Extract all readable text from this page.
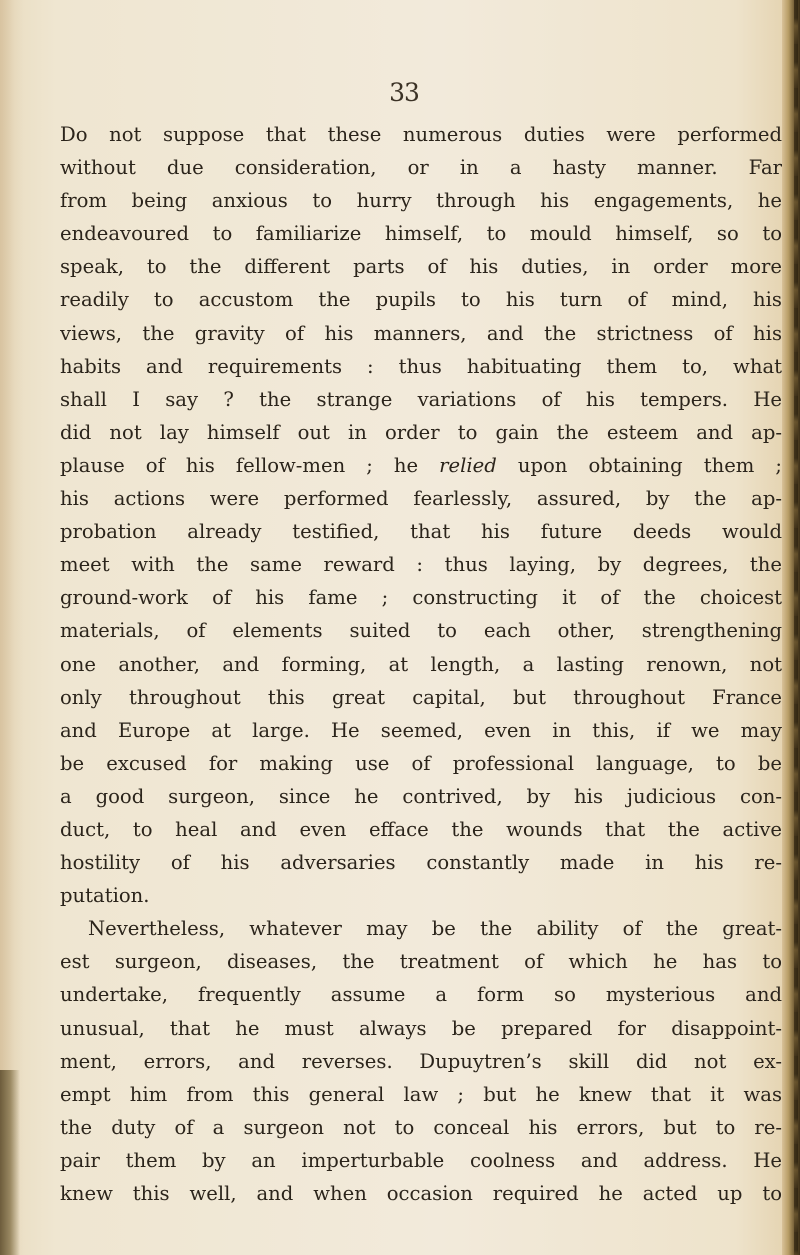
33
Do not suppose that these numerous duties were performed
without due consideration, or in a hasty manner. Far
from being anxious to hurry through his engagements, he
endeavoured to familiarize himself, to mould himself, so to
speak, to the different parts of his duties, in order more
readily to accustom the pupils to his turn of mind, his
views, the gravity of his manners, and the strictness of his
habits and requirements : thus habituating them to, what
shall I say ? the strange variations of his tempers. He
did not lay himself out in order to gain the esteem and ap-
plause of his fellow-men ; he relied upon obtaining them ;
his actions were performed fearlessly, assured, by the ap-
probation already testified, that his future deeds would
meet with the same reward : thus laying, by degrees, the
ground-work of his fame ; constructing it of the choicest
materials, of elements suited to each other, strengthening
one another, and forming, at length, a lasting renown, not
only throughout this great capital, but throughout France
and Europe at large. He seemed, even in this, if we may
be excused for making use of professional language, to be
a good surgeon, since he contrived, by his judicious con-
duct, to heal and even efface the wounds that the active
hostility of his adversaries constantly made in his re-
putation.
Nevertheless, whatever may be the ability of the great-
est surgeon, diseases, the treatment of which he has to
undertake, frequently assume a form so mysterious and
unusual, that he must always be prepared for disappoint-
ment, errors, and reverses. Dupuytren’s skill did not ex-
empt him from this general law ; but he knew that it was
the duty of a surgeon not to conceal his errors, but to re-
pair them by an imperturbable coolness and address. He
knew this well, and when occasion required he acted up to
